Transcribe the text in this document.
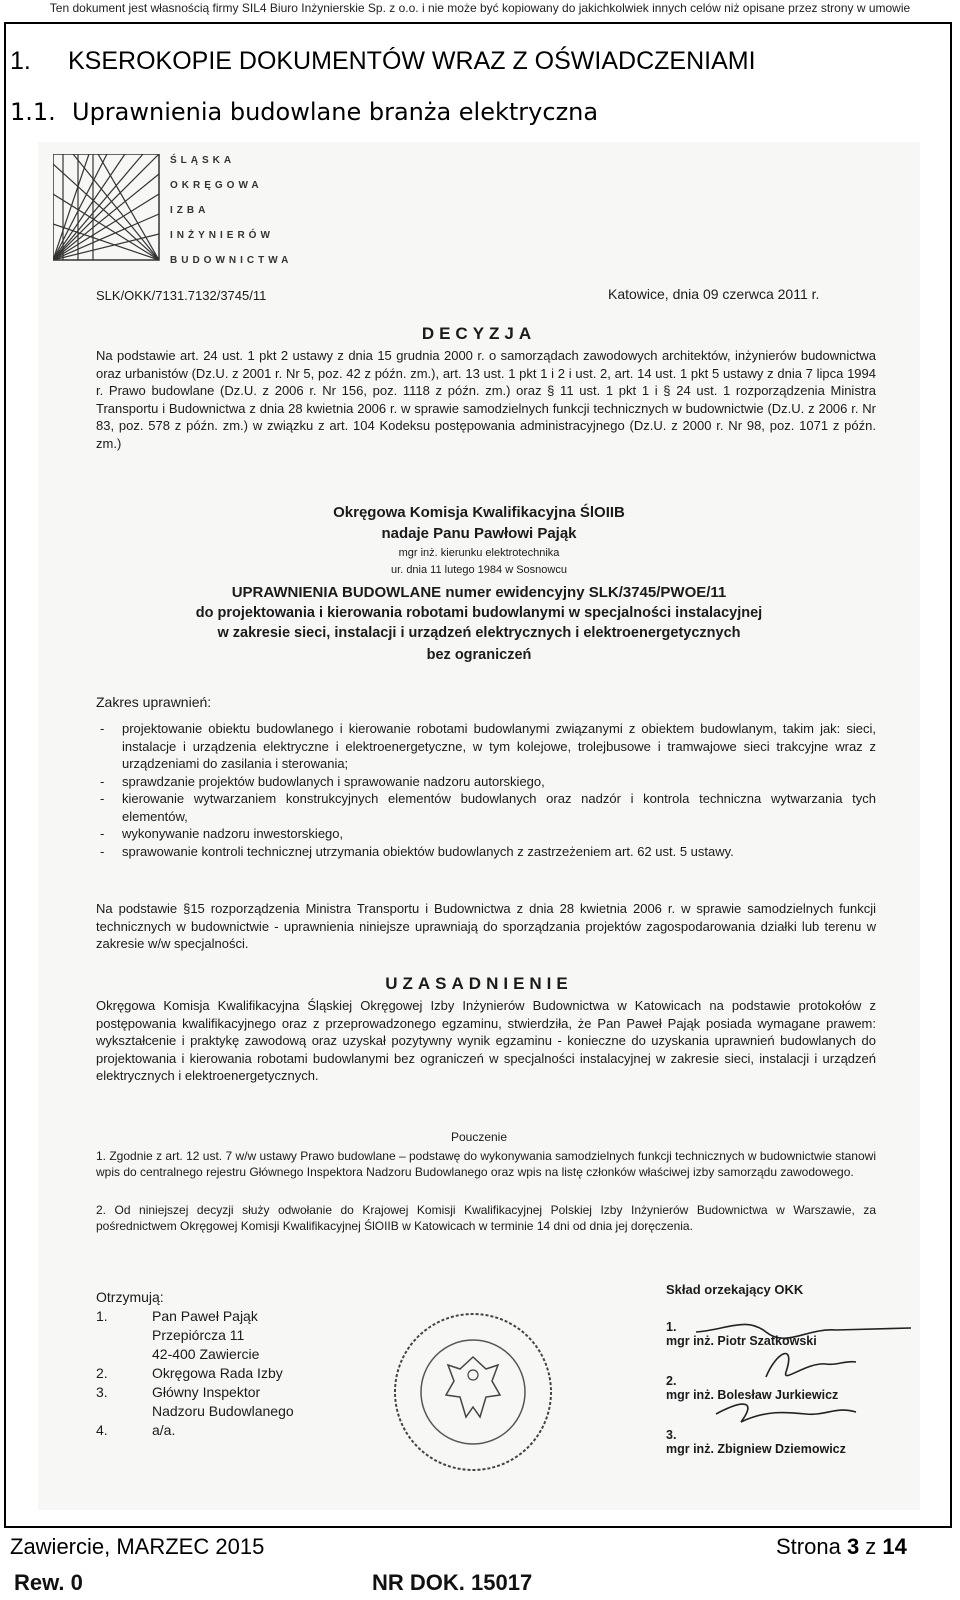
Ten dokument jest własnością firmy SIL4 Biuro Inżynierskie Sp. z o.o. i nie może być kopiowany do jakichkolwiek innych celów niż opisane przez strony w umowie
1. KSEROKOPIE DOKUMENTÓW WRAZ Z OŚWIADCZENIAMI
1.1. Uprawnienia budowlane branża elektryczna
ŚLĄSKA
OKRĘGOWA
IZBA
INŻYNIERÓW
BUDOWNICTWA
SLK/OKK/7131.7132/3745/11	Katowice, dnia 09 czerwca 2011 r.
DECYZJA
Na podstawie art. 24 ust. 1 pkt 2 ustawy z dnia 15 grudnia 2000 r. o samorządach zawodowych architektów, inżynierów budownictwa oraz urbanistów (Dz.U. z 2001 r. Nr 5, poz. 42 z późn. zm.), art. 13 ust. 1 pkt 1 i 2 i ust. 2, art. 14 ust. 1 pkt 5 ustawy z dnia 7 lipca 1994 r. Prawo budowlane (Dz.U. z 2006 r. Nr 156, poz. 1118 z późn. zm.) oraz § 11 ust. 1 pkt 1 i § 24 ust. 1 rozporządzenia Ministra Transportu i Budownictwa z dnia 28 kwietnia 2006 r. w sprawie samodzielnych funkcji technicznych w budownictwie (Dz.U. z 2006 r. Nr 83, poz. 578 z późn. zm.) w związku z art. 104 Kodeksu postępowania administracyjnego (Dz.U. z 2000 r. Nr 98, poz. 1071 z późn. zm.)
Okręgowa Komisja Kwalifikacyjna ŚlOIIB
nadaje Panu Pawłowi Pająk
mgr inż. kierunku elektrotechnika
ur. dnia 11 lutego 1984 w Sosnowcu
UPRAWNIENIA BUDOWLANE numer ewidencyjny SLK/3745/PWOE/11
do projektowania i kierowania robotami budowlanymi w specjalności instalacyjnej
w zakresie sieci, instalacji i urządzeń elektrycznych i elektroenergetycznych
bez ograniczeń
Zakres uprawnień:
- projektowanie obiektu budowlanego i kierowanie robotami budowlanymi związanymi z obiektem budowlanym, takim jak: sieci, instalacje i urządzenia elektryczne i elektroenergetyczne, w tym kolejowe, trolejbusowe i tramwajowe sieci trakcyjne wraz z urządzeniami do zasilania i sterowania;
- sprawdzanie projektów budowlanych i sprawowanie nadzoru autorskiego,
- kierowanie wytwarzaniem konstrukcyjnych elementów budowlanych oraz nadzór i kontrola techniczna wytwarzania tych elementów,
- wykonywanie nadzoru inwestorskiego,
- sprawowanie kontroli technicznej utrzymania obiektów budowlanych z zastrzeżeniem art. 62 ust. 5 ustawy.
Na podstawie §15 rozporządzenia Ministra Transportu i Budownictwa z dnia 28 kwietnia 2006 r. w sprawie samodzielnych funkcji technicznych w budownictwie - uprawnienia niniejsze uprawniają do sporządzania projektów zagospodarowania działki lub terenu w zakresie w/w specjalności.
UZASADNIENIE
Okręgowa Komisja Kwalifikacyjna Śląskiej Okręgowej Izby Inżynierów Budownictwa w Katowicach na podstawie protokołów z postępowania kwalifikacyjnego oraz z przeprowadzonego egzaminu, stwierdziła, że Pan Paweł Pająk posiada wymagane prawem: wykształcenie i praktykę zawodową oraz uzyskał pozytywny wynik egzaminu - konieczne do uzyskania uprawnień budowlanych do projektowania i kierowania robotami budowlanymi bez ograniczeń w specjalności instalacyjnej w zakresie sieci, instalacji i urządzeń elektrycznych i elektroenergetycznych.
Pouczenie
1. Zgodnie z art. 12 ust. 7 w/w ustawy Prawo budowlane – podstawę do wykonywania samodzielnych funkcji technicznych w budownictwie stanowi wpis do centralnego rejestru Głównego Inspektora Nadzoru Budowlanego oraz wpis na listę członków właściwej izby samorządu zawodowego.
2. Od niniejszej decyzji służy odwołanie do Krajowej Komisji Kwalifikacyjnej Polskiej Izby Inżynierów Budownictwa w Warszawie, za pośrednictwem Okręgowej Komisji Kwalifikacyjnej ŚlOIIB w Katowicach w terminie 14 dni od dnia jej doręczenia.
Otrzymują:
1.	Pan Paweł Pająk
Przepiórcza 11
42-400 Zawiercie
2.	Okręgowa Rada Izby
3.	Główny Inspektor
Nadzoru Budowlanego
4.	a/a.
Skład orzekający OKK
1.
mgr inż. Piotr Szatkowski
2.
mgr inż. Bolesław Jurkiewicz
3.
mgr inż. Zbigniew Dziemowicz
Zawiercie, MARZEC 2015	Strona 3 z 14
Rew. 0	NR DOK. 15017
